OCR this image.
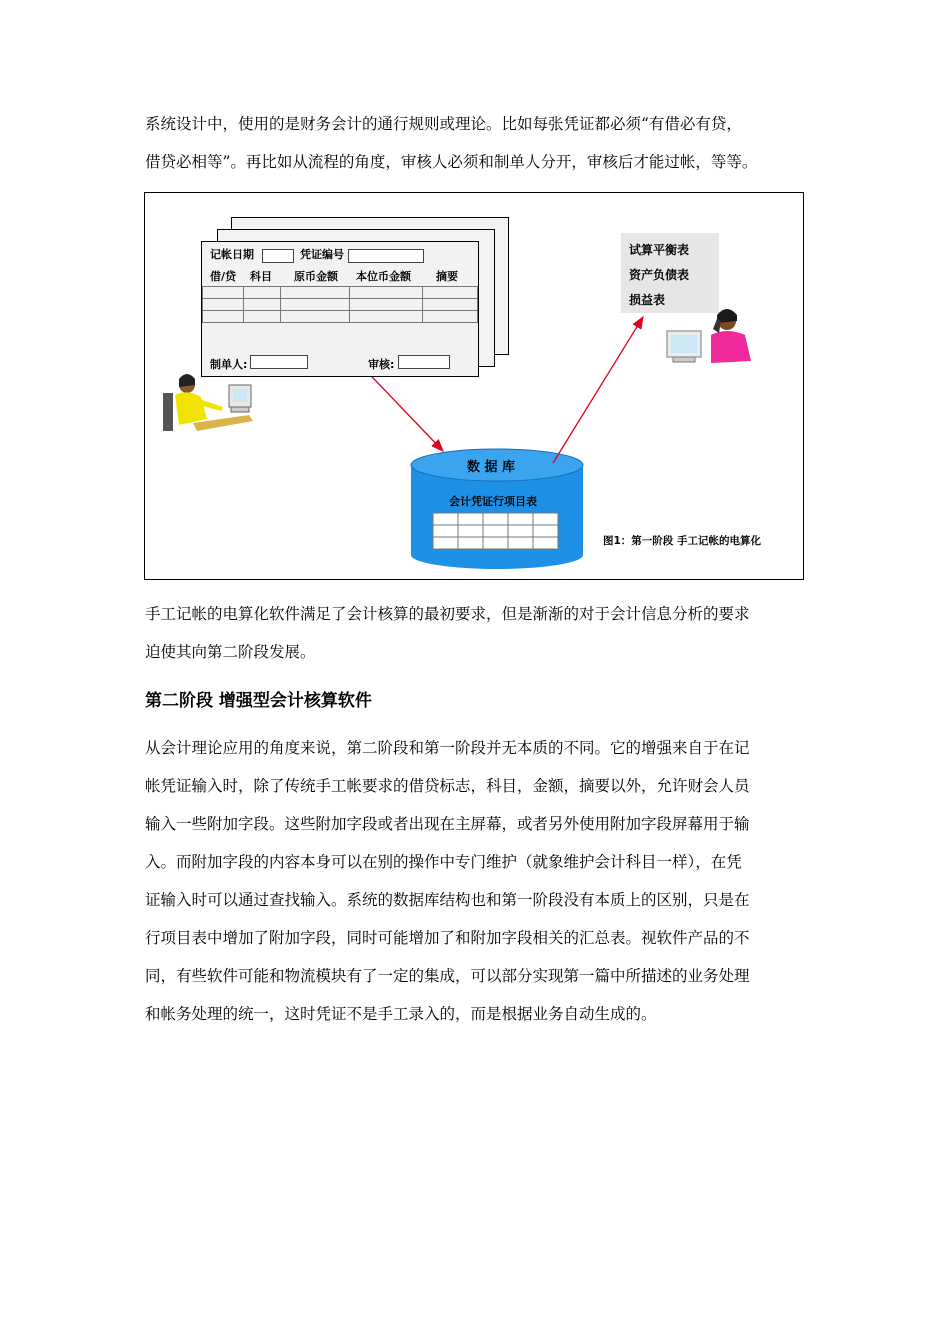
系统设计中，使用的是财务会计的通行规则或理论。比如每张凭证都必须“有借必有贷，

借贷必相等”。再比如从流程的角度，审核人必须和制单人分开，审核后才能过帐，等等。

记帐日期	凭证编号
借/贷 科目 原币金额 本位币金额 摘要

制单人:	审核:
试算平衡表
资产负债表
损益表
数 据 库
会计凭证行项目表
图1：第一阶段 手工记帐的电算化

手工记帐的电算化软件满足了会计核算的最初要求，但是渐渐的对于会计信息分析的要求

迫使其向第二阶段发展。

第二阶段 增强型会计核算软件

从会计理论应用的角度来说，第二阶段和第一阶段并无本质的不同。它的增强来自于在记

帐凭证输入时，除了传统手工帐要求的借贷标志，科目，金额，摘要以外，允许财会人员

输入一些附加字段。这些附加字段或者出现在主屏幕，或者另外使用附加字段屏幕用于输

入。而附加字段的内容本身可以在别的操作中专门维护（就象维护会计科目一样），在凭

证输入时可以通过查找输入。系统的数据库结构也和第一阶段没有本质上的区别，只是在

行项目表中增加了附加字段，同时可能增加了和附加字段相关的汇总表。视软件产品的不

同，有些软件可能和物流模块有了一定的集成，可以部分实现第一篇中所描述的业务处理

和帐务处理的统一，这时凭证不是手工录入的，而是根据业务自动生成的。
